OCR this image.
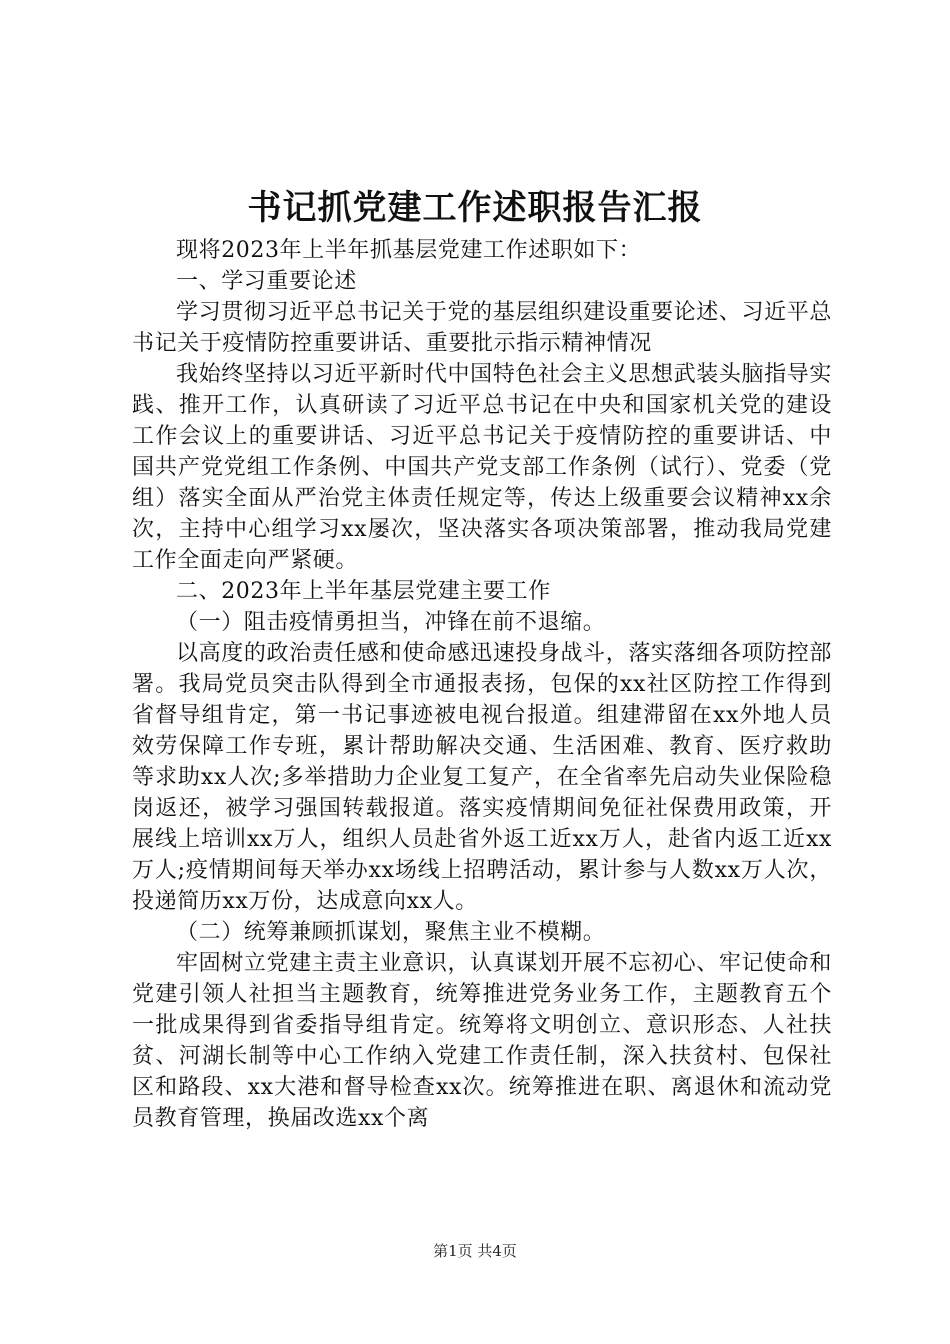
书记抓党建工作述职报告汇报

现将2023年上半年抓基层党建工作述职如下：

一、学习重要论述

学习贯彻习近平总书记关于党的基层组织建设重要论述、习近平总书记关于疫情防控重要讲话、重要批示指示精神情况

我始终坚持以习近平新时代中国特色社会主义思想武装头脑指导实践、推开工作，认真研读了习近平总书记在中央和国家机关党的建设工作会议上的重要讲话、习近平总书记关于疫情防控的重要讲话、中国共产党党组工作条例、中国共产党支部工作条例（试行）、党委（党组）落实全面从严治党主体责任规定等，传达上级重要会议精神xx余次，主持中心组学习xx屡次，坚决落实各项决策部署，推动我局党建工作全面走向严紧硬。

二、2023年上半年基层党建主要工作

（一）阻击疫情勇担当，冲锋在前不退缩。

以高度的政治责任感和使命感迅速投身战斗，落实落细各项防控部署。我局党员突击队得到全市通报表扬，包保的xx社区防控工作得到省督导组肯定，第一书记事迹被电视台报道。组建滞留在xx外地人员效劳保障工作专班，累计帮助解决交通、生活困难、教育、医疗救助等求助xx人次;多举措助力企业复工复产，在全省率先启动失业保险稳岗返还，被学习强国转载报道。落实疫情期间免征社保费用政策，开展线上培训xx万人，组织人员赴省外返工近xx万人，赴省内返工近xx万人;疫情期间每天举办xx场线上招聘活动，累计参与人数xx万人次，投递简历xx万份，达成意向xx人。

（二）统筹兼顾抓谋划，聚焦主业不模糊。

牢固树立党建主责主业意识，认真谋划开展不忘初心、牢记使命和党建引领人社担当主题教育，统筹推进党务业务工作，主题教育五个一批成果得到省委指导组肯定。统筹将文明创立、意识形态、人社扶贫、河湖长制等中心工作纳入党建工作责任制，深入扶贫村、包保社区和路段、xx大港和督导检查xx次。统筹推进在职、离退休和流动党员教育管理，换届改选xx个离

第1页 共4页
